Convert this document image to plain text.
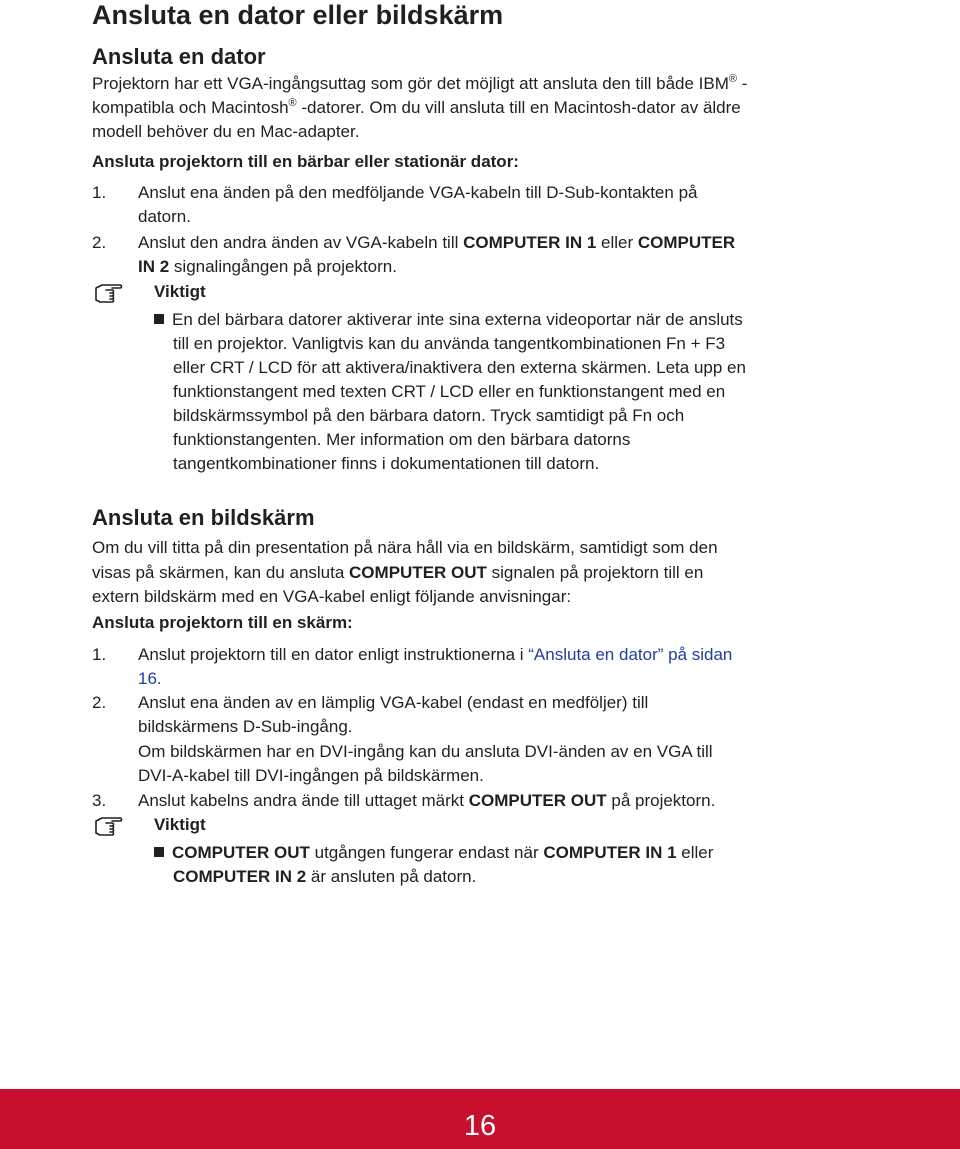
Ansluta en dator eller bildskärm
Ansluta en dator
Projektorn har ett VGA-ingångsuttag som gör det möjligt att ansluta den till både IBM® -
kompatibla och Macintosh® -datorer. Om du vill ansluta till en Macintosh-dator av äldre
modell behöver du en Mac-adapter.
Ansluta projektorn till en bärbar eller stationär dator:
1. Anslut ena änden på den medföljande VGA-kabeln till D-Sub-kontakten på
datorn.
2. Anslut den andra änden av VGA-kabeln till COMPUTER IN 1 eller COMPUTER
IN 2 signalingången på projektorn.
Viktigt
En del bärbara datorer aktiverar inte sina externa videoportar när de ansluts
till en projektor. Vanligtvis kan du använda tangentkombinationen Fn + F3
eller CRT / LCD för att aktivera/inaktivera den externa skärmen. Leta upp en
funktionstangent med texten CRT / LCD eller en funktionstangent med en
bildskärmssymbol på den bärbara datorn. Tryck samtidigt på Fn och
funktionstangenten. Mer information om den bärbara datorns
tangentkombinationer finns i dokumentationen till datorn.
Ansluta en bildskärm
Om du vill titta på din presentation på nära håll via en bildskärm, samtidigt som den
visas på skärmen, kan du ansluta COMPUTER OUT signalen på projektorn till en
extern bildskärm med en VGA-kabel enligt följande anvisningar:
Ansluta projektorn till en skärm:
1. Anslut projektorn till en dator enligt instruktionerna i “Ansluta en dator” på sidan
16.
2. Anslut ena änden av en lämplig VGA-kabel (endast en medföljer) till
bildskärmens D-Sub-ingång.
Om bildskärmen har en DVI-ingång kan du ansluta DVI-änden av en VGA till
DVI-A-kabel till DVI-ingången på bildskärmen.
3. Anslut kabelns andra ände till uttaget märkt COMPUTER OUT på projektorn.
Viktigt
COMPUTER OUT utgången fungerar endast när COMPUTER IN 1 eller
COMPUTER IN 2 är ansluten på datorn.
16
